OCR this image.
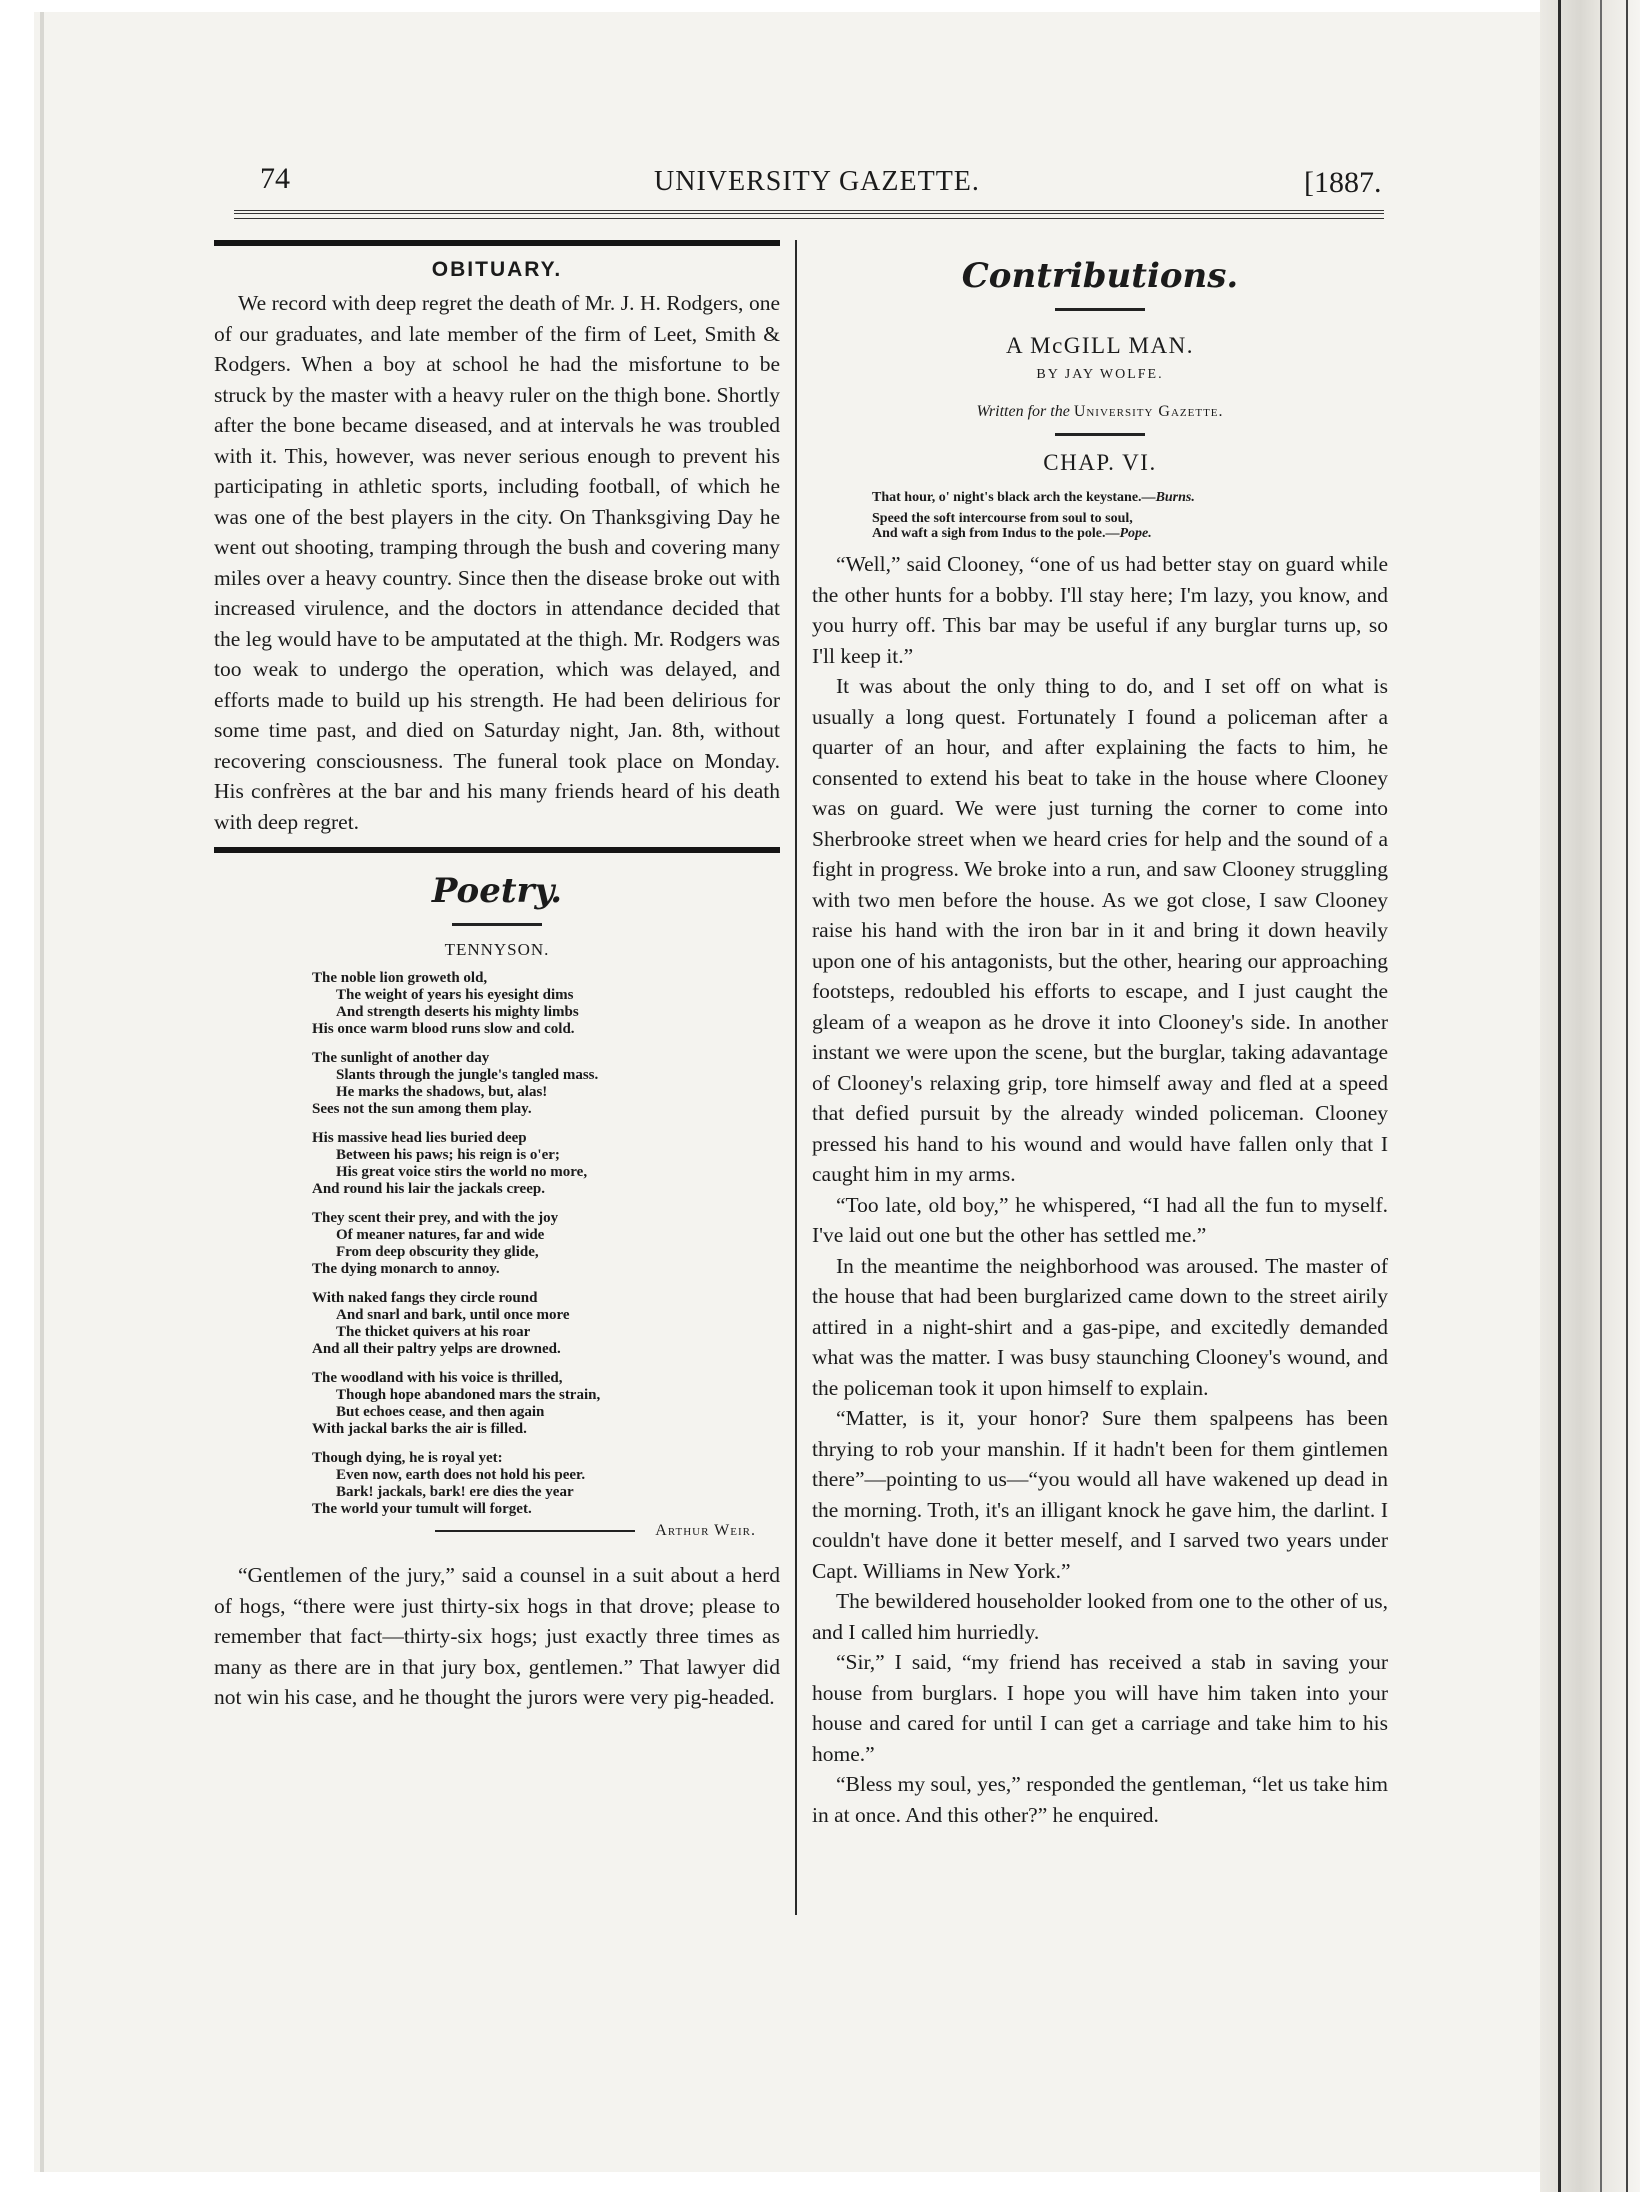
74	UNIVERSITY GAZETTE.	[1887.
OBITUARY.

We record with deep regret the death of Mr. J. H. Rodgers, one of our graduates, and late member of the firm of Leet, Smith & Rodgers. When a boy at school he had the misfortune to be struck by the master with a heavy ruler on the thigh bone. Shortly after the bone became diseased, and at intervals he was troubled with it. This, however, was never serious enough to prevent his participating in athletic sports, including football, of which he was one of the best players in the city. On Thanksgiving Day he went out shooting, tramping through the bush and covering many miles over a heavy country. Since then the disease broke out with increased virulence, and the doctors in attendance decided that the leg would have to be amputated at the thigh. Mr. Rodgers was too weak to undergo the operation, which was delayed, and efforts made to build up his strength. He had been delirious for some time past, and died on Saturday night, Jan. 8th, without recovering consciousness. The funeral took place on Monday. His confrères at the bar and his many friends heard of his death with deep regret.

Poetry.
TENNYSON.
The noble lion groweth old,
The weight of years his eyesight dims
And strength deserts his mighty limbs
His once warm blood runs slow and cold.
The sunlight of another day
Slants through the jungle's tangled mass.
He marks the shadows, but, alas!
Sees not the sun among them play.
His massive head lies buried deep
Between his paws; his reign is o'er;
His great voice stirs the world no more,
And round his lair the jackals creep.
They scent their prey, and with the joy
Of meaner natures, far and wide
From deep obscurity they glide,
The dying monarch to annoy.
With naked fangs they circle round
And snarl and bark, until once more
The thicket quivers at his roar
And all their paltry yelps are drowned.
The woodland with his voice is thrilled,
Though hope abandoned mars the strain,
But echoes cease, and then again
With jackal barks the air is filled.
Though dying, he is royal yet:
Even now, earth does not hold his peer.
Bark! jackals, bark! ere dies the year
The world your tumult will forget.
Arthur Weir.

“Gentlemen of the jury,” said a counsel in a suit about a herd of hogs, “there were just thirty-six hogs in that drove; please to remember that fact—thirty-six hogs; just exactly three times as many as there are in that jury box, gentlemen.” That lawyer did not win his case, and he thought the jurors were very pig-headed.

Contributions.
A McGILL MAN.
BY JAY WOLFE.
Written for the University Gazette.
CHAP. VI.
That hour, o' night's black arch the keystane.—Burns.
Speed the soft intercourse from soul to soul,
And waft a sigh from Indus to the pole.—Pope.

“Well,” said Clooney, “one of us had better stay on guard while the other hunts for a bobby. I'll stay here; I'm lazy, you know, and you hurry off. This bar may be useful if any burglar turns up, so I'll keep it.”

It was about the only thing to do, and I set off on what is usually a long quest. Fortunately I found a policeman after a quarter of an hour, and after explaining the facts to him, he consented to extend his beat to take in the house where Clooney was on guard. We were just turning the corner to come into Sherbrooke street when we heard cries for help and the sound of a fight in progress. We broke into a run, and saw Clooney struggling with two men before the house. As we got close, I saw Clooney raise his hand with the iron bar in it and bring it down heavily upon one of his antagonists, but the other, hearing our approaching footsteps, redoubled his efforts to escape, and I just caught the gleam of a weapon as he drove it into Clooney's side. In another instant we were upon the scene, but the burglar, taking adavantage of Clooney's relaxing grip, tore himself away and fled at a speed that defied pursuit by the already winded policeman. Clooney pressed his hand to his wound and would have fallen only that I caught him in my arms.

“Too late, old boy,” he whispered, “I had all the fun to myself. I've laid out one but the other has settled me.”

In the meantime the neighborhood was aroused. The master of the house that had been burglarized came down to the street airily attired in a night-shirt and a gas-pipe, and excitedly demanded what was the matter. I was busy staunching Clooney's wound, and the policeman took it upon himself to explain.

“Matter, is it, your honor? Sure them spalpeens has been thrying to rob your manshin. If it hadn't been for them gintlemen there”—pointing to us—“you would all have wakened up dead in the morning. Troth, it's an illigant knock he gave him, the darlint. I couldn't have done it better meself, and I sarved two years under Capt. Williams in New York.”

The bewildered householder looked from one to the other of us, and I called him hurriedly.

“Sir,” I said, “my friend has received a stab in saving your house from burglars. I hope you will have him taken into your house and cared for until I can get a carriage and take him to his home.”

“Bless my soul, yes,” responded the gentleman, “let us take him in at once. And this other?” he enquired.
